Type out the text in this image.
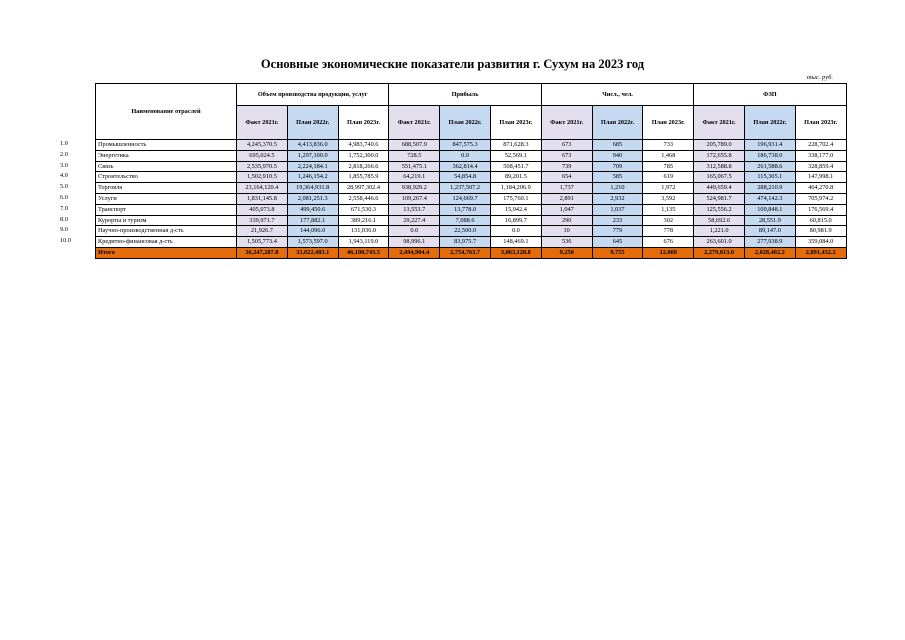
Основные экономические показатели развития г. Сухум на 2023 год
тыс. руб.
1.0
2.0
3.0
4.0
5.0
6.0
7.0
8.0
9.0
10.0
Наименование отраслей	Объем производства продукции, услуг			Прибыль			Числ., чел.			ФЗП		
	Факт 2021г.	План 2022г.	План 2023г.	Факт 2021г.	План 2022г.	План 2023г.	Факт 2021г.	План 2022г.	План 2023г.	Факт 2021г.	План 2022г.	План 2023г.
Промышленность	4,245,370.5	4,413,836.0	4,983,740.6	688,507.9	847,575.3	871,628.3	673	685	733	205,789.0	196,931.4	228,702.4
Энергетика	695,024.5	1,297,100.0	1,752,300.0	728.5	0.0	52,569.1	673	940	1,468	172,655.8	186,738.0	338,177.0
Связь	2,535,970.5	2,224,184.1	2,818,266.6	551,475.1	362,814.4	508,451.7	739	709	785	312,588.8	261,588.6	328,859.4
Строительство	1,502,910.5	1,246,154.2	1,855,785.9	64,219.1	54,854.8	89,201.5	654	585	619	165,067.5	115,305.1	147,998.1
Торговля	23,164,120.4	19,364,931.8	28,997,302.4	938,929.2	1,237,507.2	1,184,206.9	1,737	1,210	1,972	449,659.4	288,210.9	464,270.8
Услуги	1,831,145.8	2,081,251.3	2,558,446.6	109,267.4	124,669.7	175,760.1	2,891	2,932	3,592	524,981.7	474,142.3	705,974.2
Транспорт	405,073.8	499,450.6	671,530.3	13,553.7	13,778.0	15,942.4	1,047	1,037	1,135	125,556.2	109,848.1	176,569.4
Курорты и туризм	339,971.7	177,882.1	389,216.1	29,227.4	7,088.6	16,899.7	290	233	302	58,692.6	28,551.9	60,815.0
Научно-производственная д-сть	21,926.7	144,096.0	131,036.0	0.0	22,500.0	0.0	10	779	778	1,221.0	89,147.0	80,981.9
Кредитно-финансовая д-сть	1,505,773.4	1,573,597.0	1,943,119.0	98,996.1	83,975.7	148,469.1	536	645	676	263,601.0	277,938.9	359,084.0
Итого	36,247,287.8	33,022,483.1	46,100,743.5	2,494,904.4	2,754,763.7	3,063,128.8	9,250	9,755	12,060	2,279,813.0	2,028,402.2	2,891,432.2
